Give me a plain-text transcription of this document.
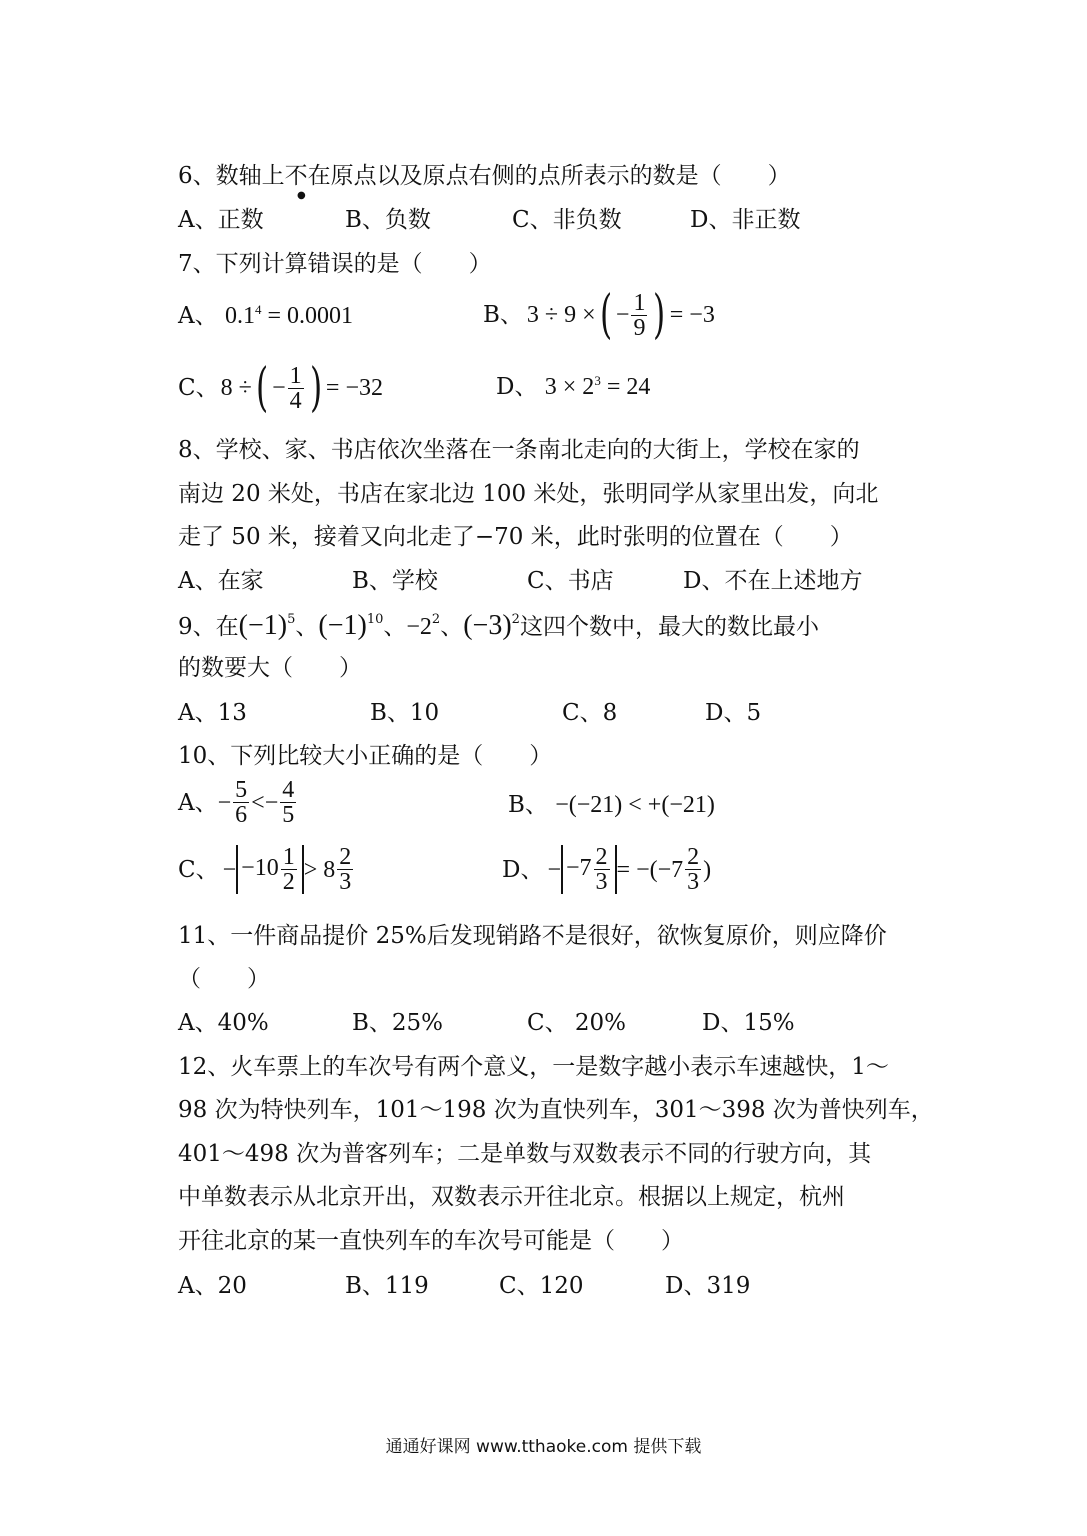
6、数轴上不在原点以及原点右侧的点所表示的数是（　　）
●
A、正数	B、负数	C、非负数	D、非正数
7、下列计算错误的是（　　）
A、 $0.1^4 = 0.0001$	B、 3 ÷ 9 × ( − $\frac{1}{9}$ ) = −3
C、 8 ÷ ( − $\frac{1}{4}$ ) = −32	D、 $3 \times 2^3 = 24$
8、学校、家、书店依次坐落在一条南北走向的大街上，学校在家的
南边 20 米处，书店在家北边 100 米处，张明同学从家里出发，向北
走了 50 米，接着又向北走了−70 米，此时张明的位置在（　　）
A、在家	B、学校	C、书店	D、不在上述地方
9、在$(-1)^5$、$(-1)^{10}$、$-2^2$、$(-3)^2$这四个数中，最大的数比最小
的数要大（　　）
A、13	B、10	C、8	D、5
10、下列比较大小正确的是（　　）
A、 − $\frac{5}{6} <- \frac{4}{5}$	B、 −(−21) < +(−21)
C、 − $-10 \frac{1}{2} > 8 \frac{2}{3}$	D、 − $-7 \frac{2}{3} = -(-7 \frac{2}{3}$ )
11、一件商品提价 25%后发现销路不是很好，欲恢复原价，则应降价
（　　）
A、40%	B、25%	C、 20%	D、15%
12、火车票上的车次号有两个意义，一是数字越小表示车速越快，1～
98 次为特快列车，101～198 次为直快列车，301～398 次为普快列车，
401～498 次为普客列车；二是单数与双数表示不同的行驶方向，其
中单数表示从北京开出，双数表示开往北京。根据以上规定，杭州
开往北京的某一直快列车的车次号可能是（　　）
A、20	B、119	C、120	D、319
通通好课网 www.tthaoke.com 提供下载
